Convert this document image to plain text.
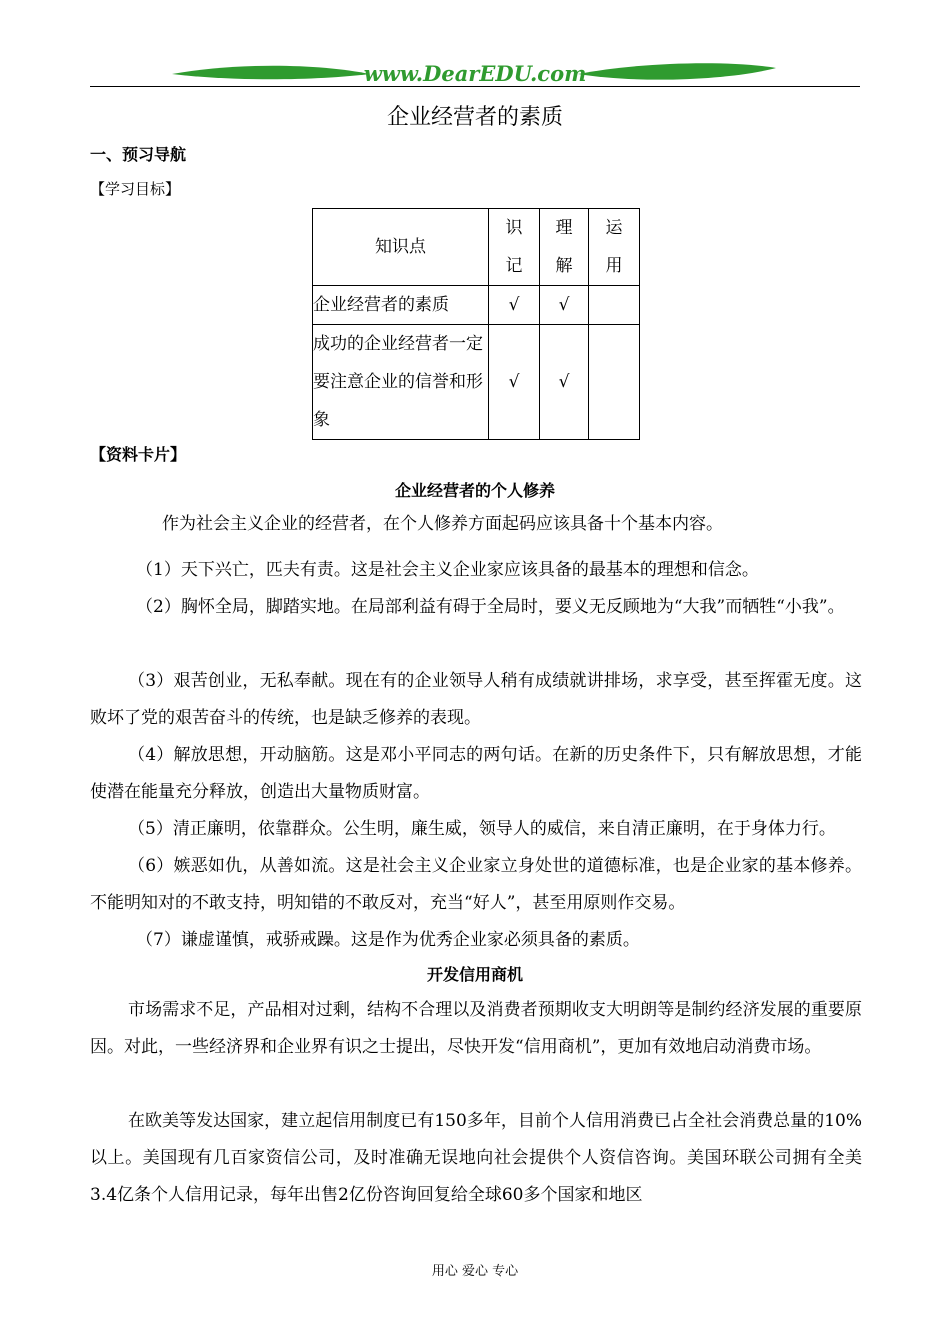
www.DearEDU.com
企业经营者的素质
一、预习导航
【学习目标】
知识点	识记	理解	运用

企业经营者的素质	√	√	
成功的企业经营者一定要注意企业的信誉和形象	√	√	
【资料卡片】
企业经营者的个人修养
作为社会主义企业的经营者，在个人修养方面起码应该具备十个基本内容。
（1）天下兴亡，匹夫有责。这是社会主义企业家应该具备的最基本的理想和信念。
（2）胸怀全局，脚踏实地。在局部利益有碍于全局时，要义无反顾地为“大我”而牺牲“小我”。
（3）艰苦创业，无私奉献。现在有的企业领导人稍有成绩就讲排场，求享受，甚至挥霍无度。这败坏了党的艰苦奋斗的传统，也是缺乏修养的表现。
（4）解放思想，开动脑筋。这是邓小平同志的两句话。在新的历史条件下，只有解放思想，才能使潜在能量充分释放，创造出大量物质财富。
（5）清正廉明，依靠群众。公生明，廉生威，领导人的威信，来自清正廉明，在于身体力行。
（6）嫉恶如仇，从善如流。这是社会主义企业家立身处世的道德标准，也是企业家的基本修养。不能明知对的不敢支持，明知错的不敢反对，充当“好人”，甚至用原则作交易。
（7）谦虚谨慎，戒骄戒躁。这是作为优秀企业家必须具备的素质。
开发信用商机
市场需求不足，产品相对过剩，结构不合理以及消费者预期收支大明朗等是制约经济发展的重要原因。对此，一些经济界和企业界有识之士提出，尽快开发“信用商机”，更加有效地启动消费市场。
在欧美等发达国家，建立起信用制度已有150多年，目前个人信用消费已占全社会消费总量的10%以上。美国现有几百家资信公司，及时准确无误地向社会提供个人资信咨询。美国环联公司拥有全美3.4亿条个人信用记录，每年出售2亿份咨询回复给全球60多个国家和地区
用心 爱心 专心
